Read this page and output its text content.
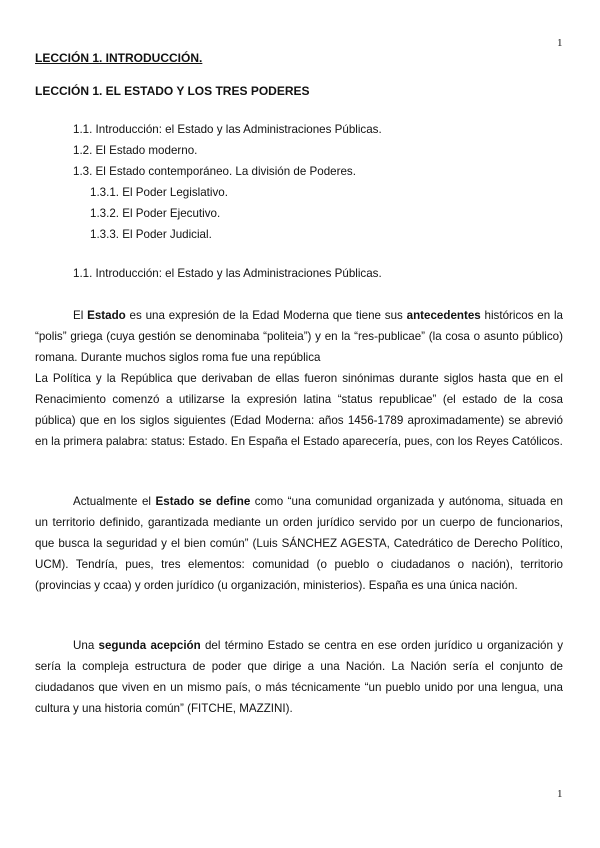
1
LECCIÓN 1. INTRODUCCIÓN.
LECCIÓN 1. EL ESTADO Y LOS TRES PODERES
1.1. Introducción: el Estado y las Administraciones Públicas.
1.2. El Estado moderno.
1.3. El Estado contemporáneo. La división de Poderes.
1.3.1. El Poder Legislativo.
1.3.2. El Poder Ejecutivo.
1.3.3. El Poder Judicial.

1.1. Introducción: el Estado y las Administraciones Públicas.

El Estado es una expresión de la Edad Moderna que tiene sus antecedentes históricos en la “polis” griega (cuya gestión se denominaba “politeia”) y en la “res-publicae” (la cosa o asunto público) romana. Durante muchos siglos roma fue una república
La Política y la República que derivaban de ellas fueron sinónimas durante siglos hasta que en el Renacimiento comenzó a utilizarse la expresión latina “status republicae” (el estado de la cosa pública) que en los siglos siguientes (Edad Moderna: años 1456-1789 aproximadamente) se abrevió en la primera palabra: status: Estado. En España el Estado aparecería, pues, con los Reyes Católicos.

Actualmente el Estado se define como “una comunidad organizada y autónoma, situada en un territorio definido, garantizada mediante un orden jurídico servido por un cuerpo de funcionarios, que busca la seguridad y el bien común” (Luis SÁNCHEZ AGESTA, Catedrático de Derecho Político, UCM). Tendría, pues, tres elementos: comunidad (o pueblo o ciudadanos o nación), territorio (provincias y ccaa) y orden jurídico (u organización, ministerios). España es una única nación.

Una segunda acepción del término Estado se centra en ese orden jurídico u organización y sería la compleja estructura de poder que dirige a una Nación. La Nación sería el conjunto de ciudadanos que viven en un mismo país, o más técnicamente “un pueblo unido por una lengua, una cultura y una historia común” (FITCHE, MAZZINI).

1
